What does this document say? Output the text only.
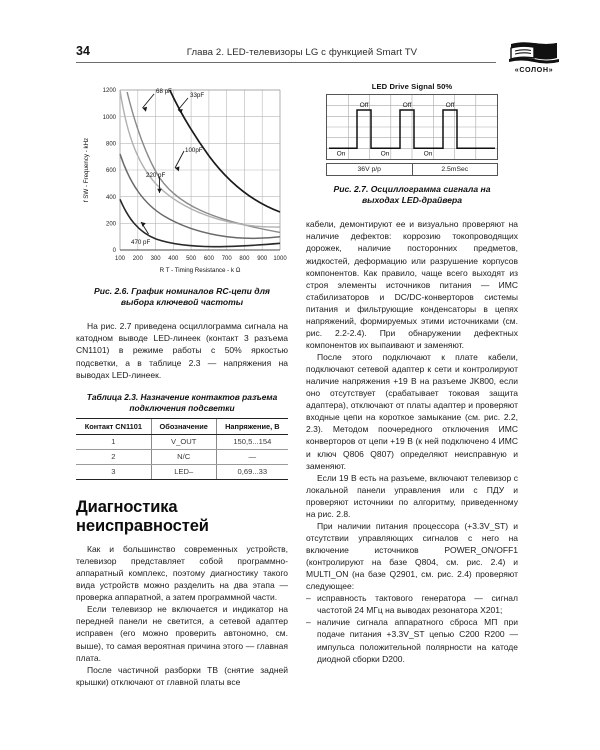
34	Глава 2. LED-телевизоры LG с функцией Smart TV
«СОЛОН»
68 pF
33pF
100pF
220 pF
470 pF
1200
1000
800
600
400
200
0
100 200 300 400 500 600 700 800 900 1000
R T - Timing Resistance - k Ω
f SW - Frequency - kHz
Рис. 2.6. График номиналов RC-цепи для
выбора ключевой частоты

На рис. 2.7 приведена осциллограмма сигнала на катодном выводе LED-линеек (контакт 3 разъема CN1101) в режиме работы с 50% яркостью подсветки, а в таблице 2.3 — напряжения на выводах LED-линеек.

Таблица 2.3. Назначение контактов разъема
подключения подсветки
Контакт CN1101	Обозначение	Напряжение, В
1	V_OUT	150,5...154
2	N/C	—
3	LED–	0,69...33
Диагностика
неисправностей

Как и большинство современных устройств, телевизор представляет собой программно-аппаратный комплекс, поэтому диагностику такого вида устройств можно разделить на два этапа — проверка аппаратной, а затем программной части.

Если телевизор не включается и индикатор на передней панели не светится, а сетевой адаптер исправен (его можно проверить автономно, см. выше), то самая вероятная причина этого — главная плата.

После частичной разборки ТВ (снятие задней крышки) отключают от главной платы все

LED Drive Signal 50%
Off	Off	Off
On	On	On
36V p/p	2.5mSec
Рис. 2.7. Осциллограмма сигнала на
выходах LED-драйвера

кабели, демонтируют ее и визуально проверяют на наличие дефектов: коррозию токопроводящих дорожек, наличие посторонних предметов, жидкостей, деформацию или разрушение корпусов компонентов. Как правило, чаще всего выходят из строя элементы источников питания — ИМС стабилизаторов и DC/DC-конверторов системы питания и фильтрующие конденсаторы в цепях напряжений, формируемых этими источниками (см. рис. 2.2-2.4). При обнаружении дефектных компонентов их выпаивают и заменяют.

После этого подключают к плате кабели, подключают сетевой адаптер к сети и контролируют наличие напряжения +19 В на разъеме JK800, если оно отсутствует (срабатывает токовая защита адаптера), отключают от платы адаптер и проверяют входные цепи на короткое замыкание (см. рис. 2.2, 2.3). Методом поочередного отключения ИМС конверторов от цепи +19 В (к ней подключено 4 ИМС и ключ Q806 Q807) определяют неисправную и заменяют.

Если 19 В есть на разъеме, включают телевизор с локальной панели управления или с ПДУ и проверяют источники по алгоритму, приведенному на рис. 2.8.

При наличии питания процессора (+3.3V_ST) и отсутствии управляющих сигналов с него на включение источников POWER_ON/OFF1 (контролируют на базе Q804, см. рис. 2.4) и MULTI_ON (на базе Q2901, см. рис. 2.4) проверяют следующее:

– исправность тактового генератора — сигнал частотой 24 МГц на выводах резонатора X201;
– наличие сигнала аппаратного сброса МП при подаче питания +3.3V_ST цепью C200 R200 — импульса положительной полярности на катоде диодной сборки D200.
